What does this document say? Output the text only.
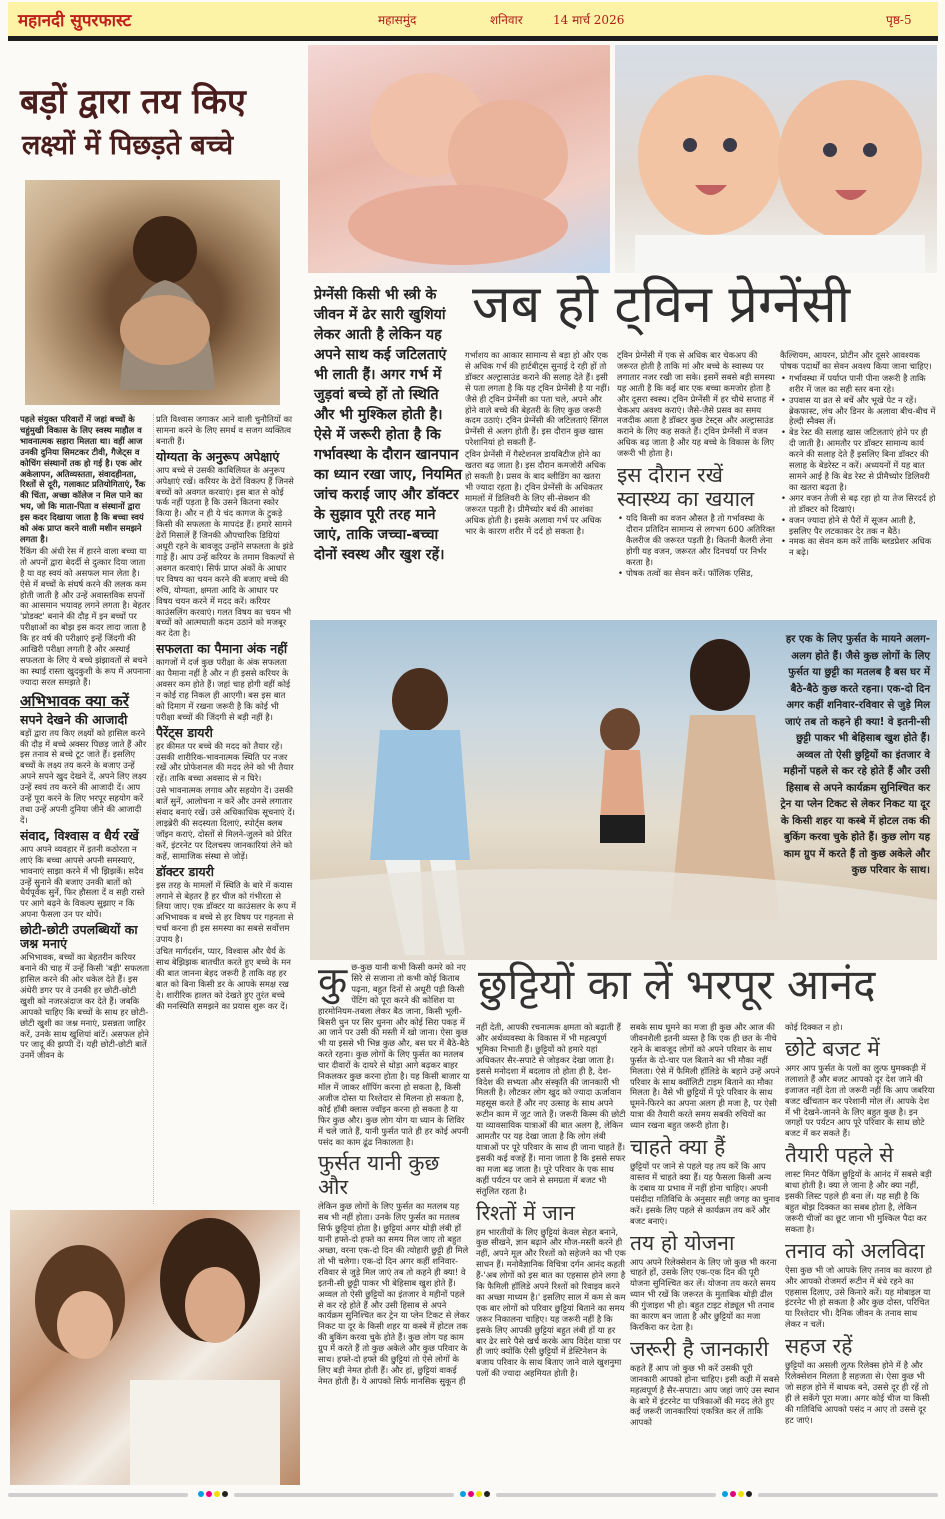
महानदी सुपरफास्ट	महासमुंद	शनिवार	14 मार्च 2026	पृष्ठ-5
बड़ों द्वारा तय किए
लक्ष्यों में पिछड़ते बच्चे

पहले संयुक्त परिवारों में जहां बच्चों के चहुंमुखी विकास के लिए स्वस्थ माहौल व भावनात्मक सहारा मिलता था। वहीं आज उनकी दुनिया सिमटकर टीवी, गैजेट्स व कोचिंग संस्थानों तक हो गई है। एक ओर अकेलापन, अतिव्यस्तता, संवादहीनता, रिश्तों से दूरी, गलाकाट प्रतियोगिताएं, रैंक की चिंता, अच्छा कॉलेज न मिल पाने का भय, जो कि माता-पिता व संस्थानों द्वारा इस कदर दिखाया जाता है कि बच्चा स्वयं को अंक प्राप्त करने वाली मशीन समझने लगता है।

रैंकिंग की अंधी रेस में हारने वाला बच्चा या तो अपनों द्वारा बेदर्दी से दुत्कार दिया जाता है या वह स्वयं को असफल मान लेता है। ऐसे में बच्चों के संघर्ष करने की ललक कम होती जाती है और उन्हें अवास्तविक सपनों का आसमान भयावह लगने लगता है। बेहतर 'प्रोडक्ट' बनाने की दौड़ में इन बच्चों पर परीक्षाओं का बोझ इस कदर लादा जाता है कि हर वर्ष की परीक्षाएं इन्हें जिंदगी की आखिरी परीक्षा लगती है और अस्थाई सफलता के लिए ये बच्चे झंझावतों से बचने का स्थाई रास्ता खुदकुशी के रूप में अपनाना ज्यादा सरल समझते हैं।

अभिभावक क्या करें
सपने देखने की आजादी

बड़ों द्वारा तय किए लक्ष्यों को हासिल करने की दौड़ में बच्चे अक्सर पिछड़ जाते हैं और इस तनाव से बच्चे टूट जाते हैं। इसलिए बच्चों के लक्ष्य तय करने के बजाए उन्हें अपने सपने खुद देखने दें, अपने लिए लक्ष्य उन्हें स्वयं तय करने की आजादी दें। आप उन्हें पूरा करने के लिए भरपूर सहयोग करें तथा उन्हें अपनी दुनिया जीने की आजादी दें।

संवाद, विश्वास व धैर्य रखें

आप अपने व्यवहार में इतनी कठोरता न लाएं कि बच्चा आपसे अपनी समस्याएं, भावनाएं साझा करने में भी झिझकें। सदैव उन्हें सुनाने की बजाए उनकी बातों को धैर्यपूर्वक सुनें, फिर हौसला दें व सही रास्ते पर आगे बढ़ने के विकल्प सुझाए न कि अपना फैसला उन पर थोपें।

छोटी-छोटी उपलब्धियों का जश्न मनाएं

अभिभावक, बच्चों का बेहतरीन करियर बनाने की चाह में उन्हें किसी 'बड़ी' सफलता हासिल करने की ओर धकेल देते हैं। इस अंधेरी डगर पर वे उनकी हर छोटी-छोटी खुशी को नजरअंदाज कर देते हैं। जबकि आपको चाहिए कि बच्चों के साथ हर छोटी-छोटी खुशी का जश्न मनाएं, प्रसन्नता जाहिर करें, उनके साथ खुशियां बांटें। असफल होने पर जादू की झप्पी दें। यही छोटी-छोटी बातें उनमें जीवन के

प्रति विश्वास जगाकर आने वाली चुनौतियों का सामना करने के लिए समर्थ व सजग व्यक्तित्व बनाती हैं।

योग्यता के अनुरूप अपेक्षाएं

आप बच्चे से उसकी काबिलियत के अनुरूप अपेक्षाएं रखें। करियर के ढेरों विकल्प हैं जिनसे बच्चों को अवगत करवाएं। इस बात से कोई फर्क नहीं पड़ता है कि उसने कितना स्कोर किया है। और न ही ये चंद कागज के टुकड़े किसी की सफलता के मापदंड हैं। हमारे सामने ढेरों मिसालें हैं जिनकी औपचारिक डिग्रियां अधूरी रहने के बावजूद उन्होंने सफलता के झंडे गाड़े हैं। आप उन्हें करियर के तमाम विकल्पों से अवगत करवाएं। सिर्फ प्राप्त अंकों के आधार पर विषय का चयन करने की बजाए बच्चे की रुचि, योग्यता, क्षमता आदि के आधार पर विषय चयन करने में मदद करें। करियर काउंसलिंग करवाएं। गलत विषय का चयन भी बच्चों को आत्मघाती कदम उठाने को मजबूर कर देता है।

सफलता का पैमाना अंक नहीं

कागजों में दर्ज कुछ परीक्षा के अंक सफलता का पैमाना नहीं है और न ही इससे करियर के अवसर कम होते हैं। जहां चाह होगी वहीं कोई न कोई राह निकल ही आएगी। बस इस बात को दिमाग में रखना जरूरी है कि कोई भी परीक्षा बच्चों की जिंदगी से बड़ी नहीं है।

पैरेंट्स डायरी

हर कीमत पर बच्चे की मदद को तैयार रहें। उसकी शारीरिक-भावनात्मक स्थिति पर नजर रखें और प्रोफेशनल की मदद लेने को भी तैयार रहें। ताकि बच्चा अवसाद से न घिरे।

उसे भावनात्मक लगाव और सहयोग दें। उसकी बातें सुनें, आलोचना न करें और उनसे लगातार संवाद बनाएं रखें। उसे अधिकाधिक सूचनाएं दें। लाइब्रेरी की सदस्यता दिलाएं, स्पोर्ट्स क्लब जॉइन कराएं, दोस्तों से मिलने-जुलने को प्रेरित करें, इंटरनेट पर दिलचस्प जानकारियां लेने को कहें, सामाजिक संस्था से जोड़ें।

डॉक्टर डायरी

इस तरह के मामलों में स्थिति के बारे में कयास लगाने से बेहतर है हर चीज को गंभीरता से लिया जाए। एक डॉक्टर या काउंसलर के रूप में अभिभावक व बच्चे से हर विषय पर गहनता से चर्चा करना ही इस समस्या का सबसे सर्वोत्तम उपाय है।

उचित मार्गदर्शन, प्यार, विश्वास और धैर्य के साथ बेझिझक बातचीत करते हुए बच्चे के मन की बात जानना बेहद जरूरी है ताकि वह हर बात को बिना किसी डर के आपके समक्ष रख दे। शारीरिक हालत को देखते हुए तुरंत बच्चे की मनस्थिति समझने का प्रयास शुरू कर दें।

जब हो ट्विन प्रेग्नेंसी
प्रेग्नेंसी किसी भी स्त्री के जीवन में ढेर सारी खुशियां लेकर आती है लेकिन यह अपने साथ कई जटिलताएं भी लाती हैं। अगर गर्भ में जुड़वां बच्चे हों तो स्थिति और भी मुश्किल होती है। ऐसे में जरूरी होता है कि गर्भावस्था के दौरान खानपान का ध्यान रखा जाए, नियमित जांच कराई जाए और डॉक्टर के सुझाव पूरी तरह माने जाएं, ताकि जच्चा-बच्चा दोनों स्वस्थ और खुश रहें।

गर्भाशय का आकार सामान्य से बड़ा हो और एक से अधिक गर्भ की हार्टबीट्स सुनाई दे रही हों तो डॉक्टर अल्ट्रासाउंड कराने की सलाह देते हैं। इसी से पता लगता है कि यह ट्विन प्रेग्नेंसी है या नहीं। जैसे ही ट्विन प्रेग्नेंसी का पता चले, अपने और होने वाले बच्चे की बेहतरी के लिए कुछ जरूरी कदम उठाएं। ट्विन प्रेग्नेंसी की जटिलताएं सिंगल प्रेग्नेंसी से अलग होती हैं। इस दौरान कुछ खास परेशानियां हो सकती हैं-

ट्विन प्रेग्नेंसी में गैस्टेशनल डायबिटीज होने का खतरा बढ़ जाता है। इस दौरान कमजोरी अधिक हो सकती है। प्रसव के बाद ब्लीडिंग का खतरा भी ज्यादा रहता है। ट्विन प्रेग्नेंसी के अधिकतर मामलों में डिलिवरी के लिए सी-सेक्शन की जरूरत पड़ती है। प्रीमैच्योर बर्थ की आशंका अधिक होती है। इसके अलावा गर्भ पर अधिक भार के कारण शरीर में दर्द हो सकता है।

ट्विन प्रेग्नेंसी में एक से अधिक बार चेकअप की जरूरत होती है ताकि मां और बच्चे के स्वास्थ्य पर लगातार नजर रखी जा सके। इसमें सबसे बड़ी समस्या यह आती है कि कई बार एक बच्चा कमजोर होता है और दूसरा स्वस्थ। ट्विन प्रेग्नेंसी में हर चौथे सप्ताह में चेकअप अवश्य कराएं। जैसे-जैसे प्रसव का समय नजदीक आता है डॉक्टर कुछ टेस्ट्स और अल्ट्रासाउंड कराने के लिए कह सकते हैं। ट्विन प्रेग्नेंसी में वजन अधिक बढ़ जाता है और यह बच्चे के विकास के लिए जरूरी भी होता है।

इस दौरान रखें स्वास्थ्य का खयाल
• यदि किसी का वजन औसत है तो गर्भावस्था के दौरान प्रतिदिन सामान्य से लगभग 600 अतिरिक्त कैलरीज की जरूरत पड़ती है। कितनी कैलरी लेना होगी यह वजन, जरूरत और दिनचर्या पर निर्भर करता है।
• पोषक तत्वों का सेवन करें। फॉलिक एसिड,

कैल्शियम, आयरन, प्रोटीन और दूसरे आवश्यक पोषक पदार्थों का सेवन अवश्य किया जाना चाहिए।

• गर्भावस्था में पर्याप्त पानी पीना जरूरी है ताकि शरीर में जल का सही स्तर बना रहे।
• उपवास या व्रत से बचें और भूखे पेट न रहें। ब्रेकफास्ट, लंच और डिनर के अलावा बीच-बीच में हेल्दी स्नैक्स लें।
• बेड रेस्ट की सलाह खास जटिलताएं होने पर ही दी जाती है। आमतौर पर डॉक्टर सामान्य कार्य करने की सलाह देते हैं इसलिए बिना डॉक्टर की सलाह के बेडरेस्ट न करें। अध्ययनों में यह बात सामने आई है कि बेड रेस्ट से प्रीमैच्योर डिलिवरी का खतरा बढ़ता है।
• अगर वजन तेजी से बढ़ रहा हो या तेज सिरदर्द हो तो डॉक्टर को दिखाएं।
• वजन ज्यादा होने से पैरों में सूजन आती है, इसलिए पैर लटकाकर देर तक न बैठें।
• नमक का सेवन कम करें ताकि ब्लडप्रेशर अधिक न बढ़े।
हर एक के लिए फुर्सत के मायने अलग-अलग होते हैं। जैसे कुछ लोगों के लिए फुर्सत या छुट्टी का मतलब है बस घर में बैठे-बैठे कुछ करते रहना। एक-दो दिन अगर कहीं शनिवार-रविवार से जुड़े मिल जाएं तब तो कहने ही क्या! वे इतनी-सी छुट्टी पाकर भी बेहिसाब खुश होते हैं। अव्वल तो ऐसी छुट्टियों का इंतजार वे महीनों पहले से कर रहे होते हैं और उसी हिसाब से अपने कार्यक्रम सुनिश्चित कर ट्रेन या प्लेन टिकट से लेकर निकट या दूर के किसी शहर या कस्बे में होटल तक की बुकिंग करवा चुके होते हैं। कुछ लोग यह काम ग्रुप में करते हैं तो कुछ अकेले और कुछ परिवार के साथ।
छुट्टियों का लें भरपूर आनंद

कुछ-कुछ यानी कभी किसी कमरे को नए सिरे से सजाना तो कभी कोई किताब पढ़ना, बहुत दिनों से अधूरी पड़ी किसी पेंटिंग को पूरा करने की कोशिश या हारमोनियम-तबला लेकर बैठ जाना, किसी भूली-बिसरी धुन पर सिर धुनना और कोई सिरा पकड़ में आ जाने पर उसी की मस्ती में खो जाना। ऐसा कुछ भी या इससे भी भिन्न कुछ और, बस घर में बैठे-बैठे करते रहना। कुछ लोगों के लिए फुर्सत का मतलब चार दीवारों के दायरे से थोड़ा आगे बढ़कर बाहर निकलकर कुछ करना होता है। यह किसी बाजार या मॉल में जाकर शॉपिंग करना हो सकता है, किसी अजीज दोस्त या रिश्तेदार से मिलना हो सकता है, कोई हॉबी क्लास ज्वॉइन करना हो सकता है या फिर कुछ और। कुछ लोग योग या ध्यान के शिविर में चले जाते हैं, यानी फुर्सत पाते ही हर कोई अपनी पसंद का काम ढूंढ निकालता है।

फुर्सत यानी कुछ और

लेकिन कुछ लोगों के लिए फुर्सत का मतलब यह सब भी नहीं होता। उनके लिए फुर्सत का मतलब सिर्फ छुट्टियां होता है। छुट्टियां अगर थोड़ी लंबी हों यानी हफ्ते-दो हफ्ते का समय मिल जाए तो बहुत अच्छा, वरना एक-दो दिन की त्योहारी छुट्टी ही मिले तो भी चलेगा। एक-दो दिन अगर कहीं शनिवार-रविवार से जुड़े मिल जाएं तब तो कहने ही क्या! वे इतनी-सी छुट्टी पाकर भी बेहिसाब खुश होते हैं। अव्वल तो ऐसी छुट्टियों का इंतजार वे महीनों पहले से कर रहे होते हैं और उसी हिसाब से अपने कार्यक्रम सुनिश्चित कर ट्रेन या प्लेन टिकट से लेकर निकट या दूर के किसी शहर या कस्बे में होटल तक की बुकिंग करवा चुके होते हैं। कुछ लोग यह काम ग्रुप में करते हैं तो कुछ अकेले और कुछ परिवार के साथ। हफ्ते-दो हफ्ते की छुट्टियां तो ऐसे लोगों के लिए बड़ी नेमत होती हैं। और हां, छुट्टियां वाकई नेमत होती हैं। ये आपको सिर्फ मानसिक सुकून ही

नहीं देती, आपकी रचनात्मक क्षमता को बढ़ाती हैं और अर्थव्यवस्था के विकास में भी महत्वपूर्ण भूमिका निभाती हैं। छुट्टियों को हमारे यहां अधिकतर सैर-सपाटे से जोड़कर देखा जाता है। इससे मनोदशा में बदलाव तो होता ही है, देश-विदेश की सभ्यता और संस्कृति की जानकारी भी मिलती है। लौटकर लोग खुद को ज्यादा ऊर्जावान महसूस करते हैं और नए उत्साह के साथ अपने रूटीन काम में जुट जाते हैं। जरूरी किस्म की छोटी या व्यावसायिक यात्राओं की बात अलग है, लेकिन आमतौर पर यह देखा जाता है कि लोग लंबी यात्राओं पर पूरे परिवार के साथ ही जाना चाहते हैं। इसकी कई वजहें हैं। माना जाता है कि इससे सफर का मजा बढ़ जाता है। पूरे परिवार के एक साथ कहीं पर्यटन पर जाने से समग्रता में बजट भी संतुलित रहता है।

रिश्तों में जान

हम भारतीयों के लिए छुट्टियां केवल सेहत बनाने, कुछ सीखने, ज्ञान बढ़ाने और मौज-मस्ती करने ही नहीं, अपने मूल और रिश्तों को सहेजने का भी एक साधन हैं। मनोवैज्ञानिक विचित्रा दर्गन आनंद कहती हैं-'अब लोगों को इस बात का एहसास होने लगा है कि फैमिली हॉलिडे अपने रिश्तों को रिवाइव करने का अच्छा माध्यम है।' इसलिए साल में कम से कम एक बार लोगों को परिवार छुट्टियां बिताने का समय जरूर निकालना चाहिए। यह जरूरी नहीं है कि इसके लिए आपकी छुट्टियां बहुत लंबी हों या हर बार ढेर सारे पैसे खर्च करके आप विदेश यात्रा पर ही जाएं क्योंकि ऐसी छुट्टियों में डेस्टिनेशन के बजाय परिवार के साथ बिताए जाने वाले खुशनुमा पलों की ज्यादा अहमियत होती है।

सबके साथ घूमने का मजा ही कुछ और आज की जीवनशैली इतनी व्यस्त है कि एक ही छत के नीचे रहने के बावजूद लोगों को अपने परिवार के साथ फुर्सत के दो-चार पल बिताने का भी मौका नहीं मिलता। ऐसे में फैमिली हॉलिडे के बहाने उन्हें अपने परिवार के साथ क्वॉलिटी टाइम बिताने का मौका मिलता है। वैसे भी छुट्टियों में पूरे परिवार के साथ घूमने-फिरने का अपना अलग ही मजा है, पर ऐसी यात्रा की तैयारी करते समय सबकी रुचियों का ध्यान रखना बहुत जरूरी होता है।

चाहते क्या हैं

छुट्टियों पर जाने से पहले यह तय करें कि आप वास्तव में चाहते क्या हैं। यह फैसला किसी अन्य के दबाव या प्रभाव में नहीं होना चाहिए। अपनी पसंदीदा गतिविधि के अनुसार सही जगह का चुनाव करें। इसके लिए पहले से कार्यक्रम तय करें और बजट बनाएं।

तय हो योजना

आप अपने रिलेक्सेशन के लिए जो कुछ भी करना चाहते हों, उसके लिए एक-एक दिन की पूरी योजना सुनिश्चित कर लें। योजना तय करते समय ध्यान भी रखें कि जरूरत के मुताबिक थोड़ी ढील की गुंजाइश भी हो। बहुत टाइट शेड्यूल भी तनाव का कारण बन जाता है और छुट्टियों का मजा किरकिरा कर देता है।

जरूरी है जानकारी

कहते हैं आप जो कुछ भी करें उसकी पूरी जानकारी आपको होना चाहिए। इसी कड़ी में सबसे महत्वपूर्ण है सैर-सपाटा। आप जहां जाएं उस स्थान के बारे में इंटरनेट या पत्रिकाओं की मदद लेते हुए कई जरूरी जानकारियां एकत्रित कर लें ताकि आपको

कोई दिक्कत न हो।

छोटे बजट में

अगर आप फुर्सत के पलों का लुत्फ घुमक्कड़ी में तलाशते हैं और बजट आपको दूर देश जाने की इजाजत नहीं देता तो जरूरी नहीं कि आप जबरिया बजट खींचतान कर परेशानी मोल लें। आपके देश में भी देखने-जानने के लिए बहुत कुछ है। इन जगहों पर पर्यटन आप पूरे परिवार के साथ छोटे बजट में कर सकते हैं।

तैयारी पहले से

लास्ट मिनट पैकिंग छुट्टियों के आनंद में सबसे बड़ी बाधा होती है। क्या ले जाना है और क्या नहीं, इसकी लिस्ट पहले ही बना लें। यह सही है कि बहुत बोझ दिक्कत का सबब होता है, लेकिन जरूरी चीजों का छूट जाना भी मुश्किल पैदा कर सकता है।

तनाव को अलविदा

ऐसा कुछ भी जो आपके लिए तनाव का कारण हो और आपको रोजमर्रा रूटीन में बंधे रहने का एहसास दिलाए, उसे किनारे करें। यह मोबाइल या इंटरनेट भी हो सकता है और कुछ दोस्त, परिचित या रिश्तेदार भी। दैनिक जीवन के तनाव साथ लेकर न चलें।

सहज रहें

छुट्टियों का असली लुत्फ रिलेक्स होने में है और रिलेक्सेशन मिलता है सहजता से। ऐसा कुछ भी जो सहज होने में बाधक बने, उससे दूर ही रहें तो ही ले सकेंगे पूरा मजा। अगर कोई चीज या किसी की गतिविधि आपको पसंद न आए तो उससे दूर हट जाएं।
